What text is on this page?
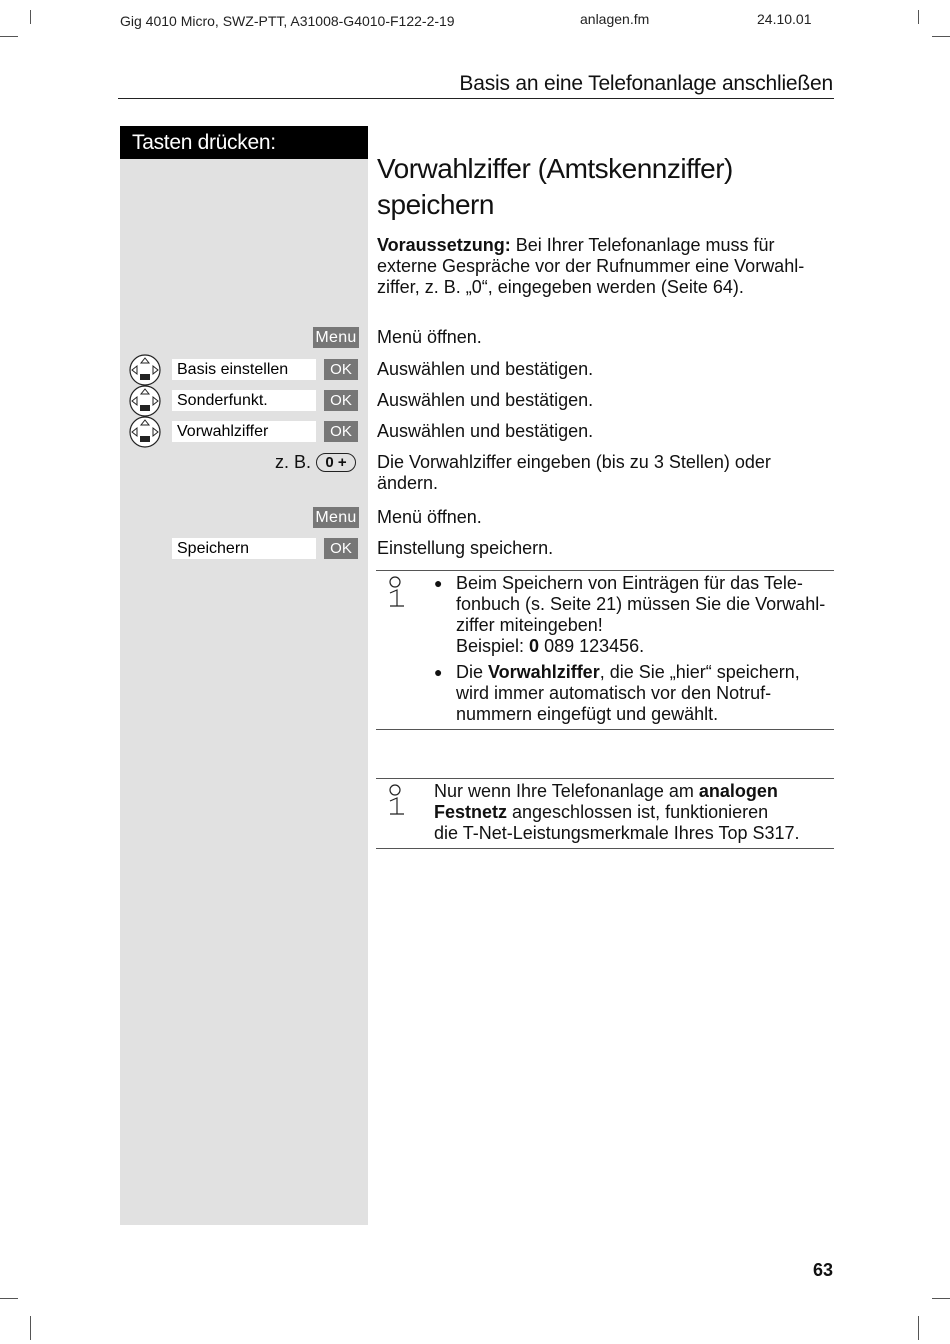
Gig 4010 Micro, SWZ-PTT, A31008-G4010-F122-2-19	anlagen.fm	24.10.01
Basis an eine Telefonanlage anschließen
Tasten drücken:
Vorwahlziffer (Amtskennziffer)
speichern
Voraussetzung: Bei Ihrer Telefonanlage muss für
externe Gespräche vor der Rufnummer eine Vorwahl-
ziffer, z. B. „0“, eingegeben werden (Seite 64).
Menu Menü öffnen.
Basis einstellen	OK	Auswählen und bestätigen.
Sonderfunkt.	OK	Auswählen und bestätigen.
Vorwahlziffer	OK	Auswählen und bestätigen.
z. B. 0 +	Die Vorwahlziffer eingeben (bis zu 3 Stellen) oder
ändern.
Menu Menü öffnen.
Speichern	OK	Einstellung speichern.
● Beim Speichern von Einträgen für das Tele-
fonbuch (s. Seite 21) müssen Sie die Vorwahl-
ziffer miteingeben!
Beispiel: 0 089 123456.
● Die Vorwahlziffer, die Sie „hier“ speichern,
wird immer automatisch vor den Notruf-
nummern eingefügt und gewählt.
Nur wenn Ihre Telefonanlage am analogen
Festnetz angeschlossen ist, funktionieren
die T-Net-Leistungsmerkmale Ihres Top S317.
63
